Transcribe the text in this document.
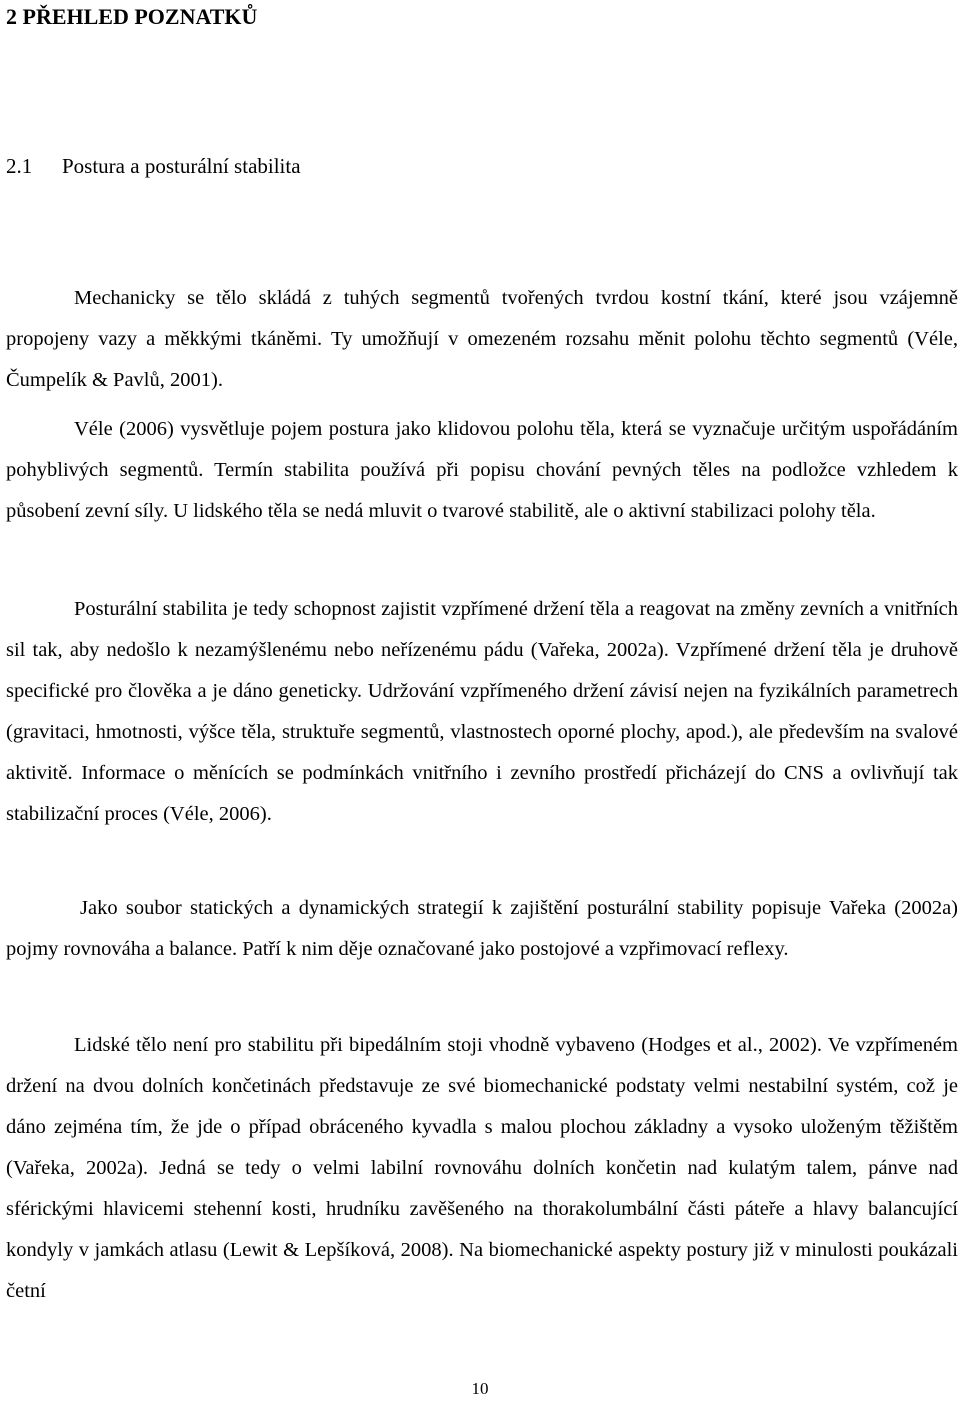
2 PŘEHLED POZNATKŮ
2.1 Postura a posturální stabilita

Mechanicky se tělo skládá z tuhých segmentů tvořených tvrdou kostní tkání, které jsou vzájemně propojeny vazy a měkkými tkáněmi. Ty umožňují v omezeném rozsahu měnit polohu těchto segmentů (Véle, Čumpelík & Pavlů, 2001).

Véle (2006) vysvětluje pojem postura jako klidovou polohu těla, která se vyznačuje určitým uspořádáním pohyblivých segmentů. Termín stabilita používá při popisu chování pevných těles na podložce vzhledem k působení zevní síly. U lidského těla se nedá mluvit o tvarové stabilitě, ale o aktivní stabilizaci polohy těla.

Posturální stabilita je tedy schopnost zajistit vzpřímené držení těla a reagovat na změny zevních a vnitřních sil tak, aby nedošlo k nezamýšlenému nebo neřízenému pádu (Vařeka, 2002a). Vzpřímené držení těla je druhově specifické pro člověka a je dáno geneticky. Udržování vzpřímeného držení závisí nejen na fyzikálních parametrech (gravitaci, hmotnosti, výšce těla, struktuře segmentů, vlastnostech oporné plochy, apod.), ale především na svalové aktivitě. Informace o měnících se podmínkách vnitřního i zevního prostředí přicházejí do CNS a ovlivňují tak stabilizační proces (Véle, 2006).

Jako soubor statických a dynamických strategií k zajištění posturální stability popisuje Vařeka (2002a) pojmy rovnováha a balance. Patří k nim děje označované jako postojové a vzpřimovací reflexy.

Lidské tělo není pro stabilitu při bipedálním stoji vhodně vybaveno (Hodges et al., 2002). Ve vzpřímeném držení na dvou dolních končetinách představuje ze své biomechanické podstaty velmi nestabilní systém, což je dáno zejména tím, že jde o případ obráceného kyvadla s malou plochou základny a vysoko uloženým těžištěm (Vařeka, 2002a). Jedná se tedy o velmi labilní rovnováhu dolních končetin nad kulatým talem, pánve nad sférickými hlavicemi stehenní kosti, hrudníku zavěšeného na thorakolumbální části páteře a hlavy balancující kondyly v jamkách atlasu (Lewit & Lepšíková, 2008). Na biomechanické aspekty postury již v minulosti poukázali četní

10
